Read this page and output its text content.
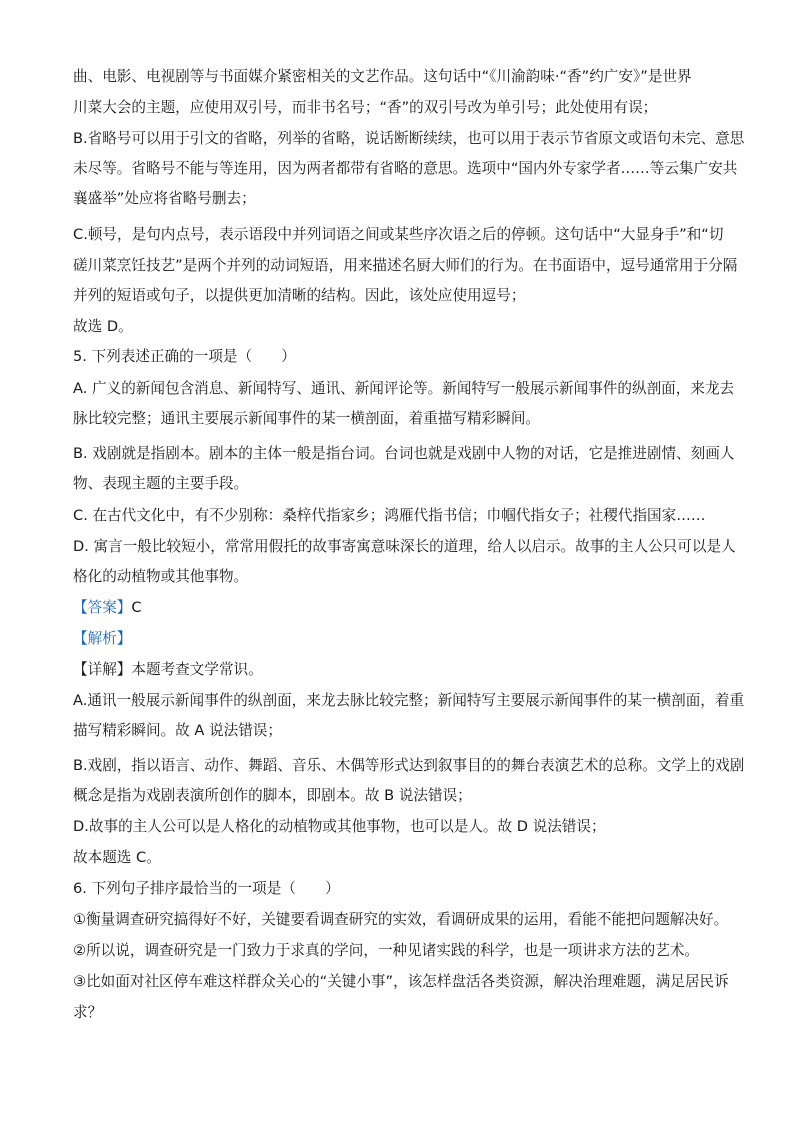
曲、电影、电视剧等与书面媒介紧密相关的文艺作品。这句话中“《川渝韵味·“香”约广安》”是世界
川菜大会的主题，应使用双引号，而非书名号；“香”的双引号改为单引号；此处使用有误；
B.省略号可以用于引文的省略，列举的省略，说话断断续续，也可以用于表示节省原文或语句未完、意思
未尽等。省略号不能与等连用，因为两者都带有省略的意思。选项中“国内外专家学者……等云集广安共
襄盛举”处应将省略号删去；
C.顿号，是句内点号，表示语段中并列词语之间或某些序次语之后的停顿。这句话中“大显身手”和“切
磋川菜烹饪技艺”是两个并列的动词短语，用来描述名厨大师们的行为。在书面语中，逗号通常用于分隔
并列的短语或句子，以提供更加清晰的结构。因此，该处应使用逗号；
故选 D。
5. 下列表述正确的一项是（　　）
A. 广义的新闻包含消息、新闻特写、通讯、新闻评论等。新闻特写一般展示新闻事件的纵剖面，来龙去
脉比较完整；通讯主要展示新闻事件的某一横剖面，着重描写精彩瞬间。
B. 戏剧就是指剧本。剧本的主体一般是指台词。台词也就是戏剧中人物的对话，它是推进剧情、刻画人
物、表现主题的主要手段。
C. 在古代文化中，有不少别称：桑梓代指家乡；鸿雁代指书信；巾帼代指女子；社稷代指国家……
D. 寓言一般比较短小，常常用假托的故事寄寓意味深长的道理，给人以启示。故事的主人公只可以是人
格化的动植物或其他事物。
【答案】C
【解析】
【详解】本题考查文学常识。
A.通讯一般展示新闻事件的纵剖面，来龙去脉比较完整；新闻特写主要展示新闻事件的某一横剖面，着重
描写精彩瞬间。故 A 说法错误；
B.戏剧，指以语言、动作、舞蹈、音乐、木偶等形式达到叙事目的的舞台表演艺术的总称。文学上的戏剧
概念是指为戏剧表演所创作的脚本，即剧本。故 B 说法错误；
D.故事的主人公可以是人格化的动植物或其他事物，也可以是人。故 D 说法错误；
故本题选 C。
6. 下列句子排序最恰当的一项是（　　）
①衡量调查研究搞得好不好，关键要看调查研究的实效，看调研成果的运用，看能不能把问题解决好。
②所以说，调查研究是一门致力于求真的学问，一种见诸实践的科学，也是一项讲求方法的艺术。
③比如面对社区停车难这样群众关心的“关键小事”，该怎样盘活各类资源，解决治理难题，满足居民诉
求？
